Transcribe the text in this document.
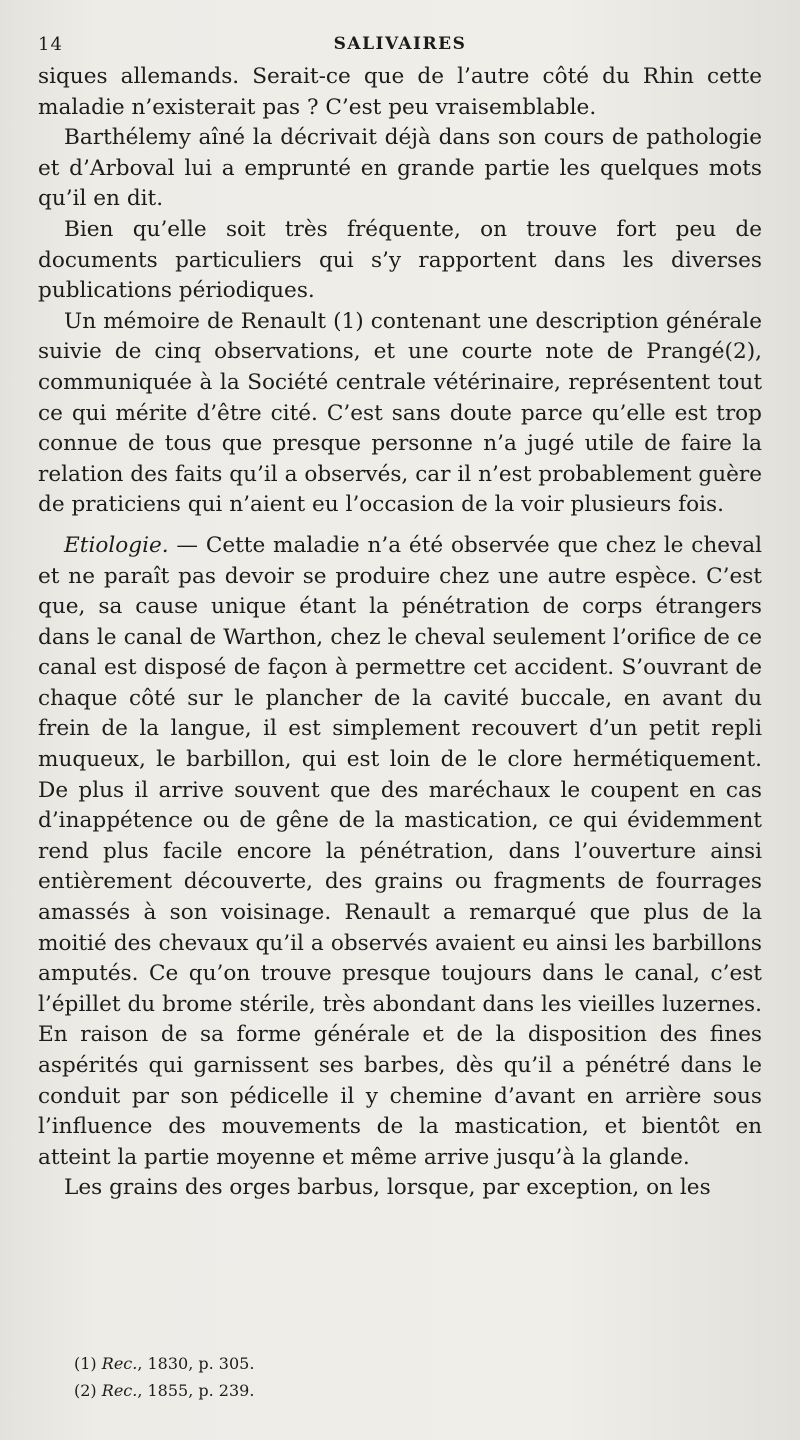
14	SALIVAIRES

siques allemands. Serait-ce que de l’autre côté du Rhin cette maladie n’existerait pas ? C’est peu vraisemblable.

Barthélemy aîné la décrivait déjà dans son cours de pathologie et d’Arboval lui a emprunté en grande partie les quelques mots qu’il en dit.

Bien qu’elle soit très fréquente, on trouve fort peu de documents particuliers qui s’y rapportent dans les diverses publications périodiques.

Un mémoire de Renault (1) contenant une description générale suivie de cinq observations, et une courte note de Prangé(2), communiquée à la Société centrale vétérinaire, représentent tout ce qui mérite d’être cité. C’est sans doute parce qu’elle est trop connue de tous que presque personne n’a jugé utile de faire la relation des faits qu’il a observés, car il n’est probablement guère de praticiens qui n’aient eu l’occasion de la voir plusieurs fois.

Etiologie. — Cette maladie n’a été observée que chez le cheval et ne paraît pas devoir se produire chez une autre espèce. C’est que, sa cause unique étant la pénétration de corps étrangers dans le canal de Warthon, chez le cheval seulement l’orifice de ce canal est disposé de façon à permettre cet accident. S’ouvrant de chaque côté sur le plancher de la cavité buccale, en avant du frein de la langue, il est simplement recouvert d’un petit repli muqueux, le barbillon, qui est loin de le clore hermétiquement. De plus il arrive souvent que des maréchaux le coupent en cas d’inappétence ou de gêne de la mastication, ce qui évidemment rend plus facile encore la pénétration, dans l’ouverture ainsi entièrement découverte, des grains ou fragments de fourrages amassés à son voisinage. Renault a remarqué que plus de la moitié des chevaux qu’il a observés avaient eu ainsi les barbillons amputés. Ce qu’on trouve presque toujours dans le canal, c’est l’épillet du brome stérile, très abondant dans les vieilles luzernes. En raison de sa forme générale et de la disposition des fines aspérités qui garnissent ses barbes, dès qu’il a pénétré dans le conduit par son pédicelle il y chemine d’avant en arrière sous l’influence des mouvements de la mastication, et bientôt en atteint la partie moyenne et même arrive jusqu’à la glande.

Les grains des orges barbus, lorsque, par exception, on les

(1) Rec., 1830, p. 305.
(2) Rec., 1855, p. 239.
